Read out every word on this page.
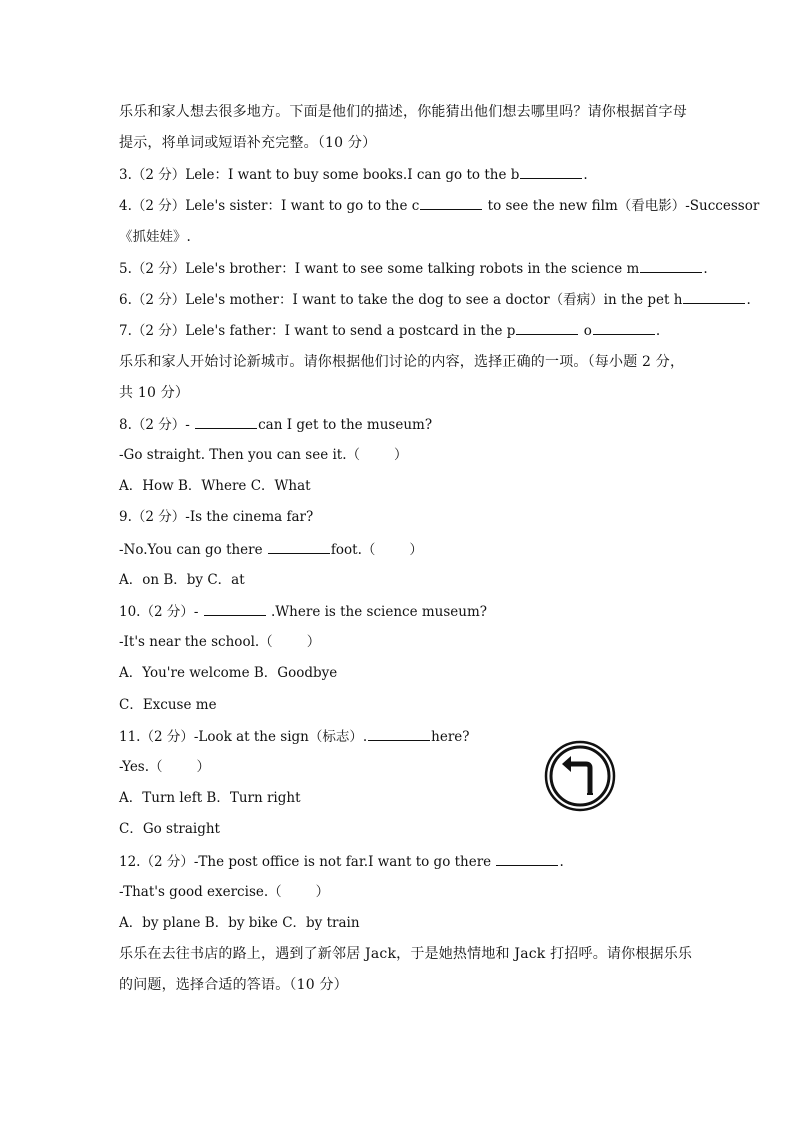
乐乐和家人想去很多地方。下面是他们的描述，你能猜出他们想去哪里吗？请你根据首字母
提示，将单词或短语补充完整。（10 分）
3.（2 分）Lele：I want to buy some books.I can go to the b	.
4.（2 分）Lele's sister：I want to go to the c	to see the new film（看电影）-Successor
《抓娃娃》.
5.（2 分）Lele's brother：I want to see some talking robots in the science m	.
6.（2 分）Lele's mother：I want to take the dog to see a doctor（看病）in the pet h	.
7.（2 分）Lele's father：I want to send a postcard in the p	o	.
乐乐和家人开始讨论新城市。请你根据他们讨论的内容，选择正确的一项。（每小题 2 分，
共 10 分）
8.（2 分）-	can I get to the museum?
-Go straight. Then you can see it.（	）
A．How B．Where C．What
9.（2 分）-Is the cinema far?
-No.You can go there	foot.（	）
A．on B．by C．at
10.（2 分）-	.Where is the science museum?
-It's near the school.（	）
A．You're welcome B．Goodbye
C．Excuse me
11.（2 分）-Look at the sign（标志）.	here?
-Yes.（	）
A．Turn left B．Turn right
C．Go straight
12.（2 分）-The post office is not far.I want to go there	.
-That's good exercise.（	）
A．by plane B．by bike C．by train
乐乐在去往书店的路上，遇到了新邻居 Jack，于是她热情地和 Jack 打招呼。请你根据乐乐
的问题，选择合适的答语。（10 分）
